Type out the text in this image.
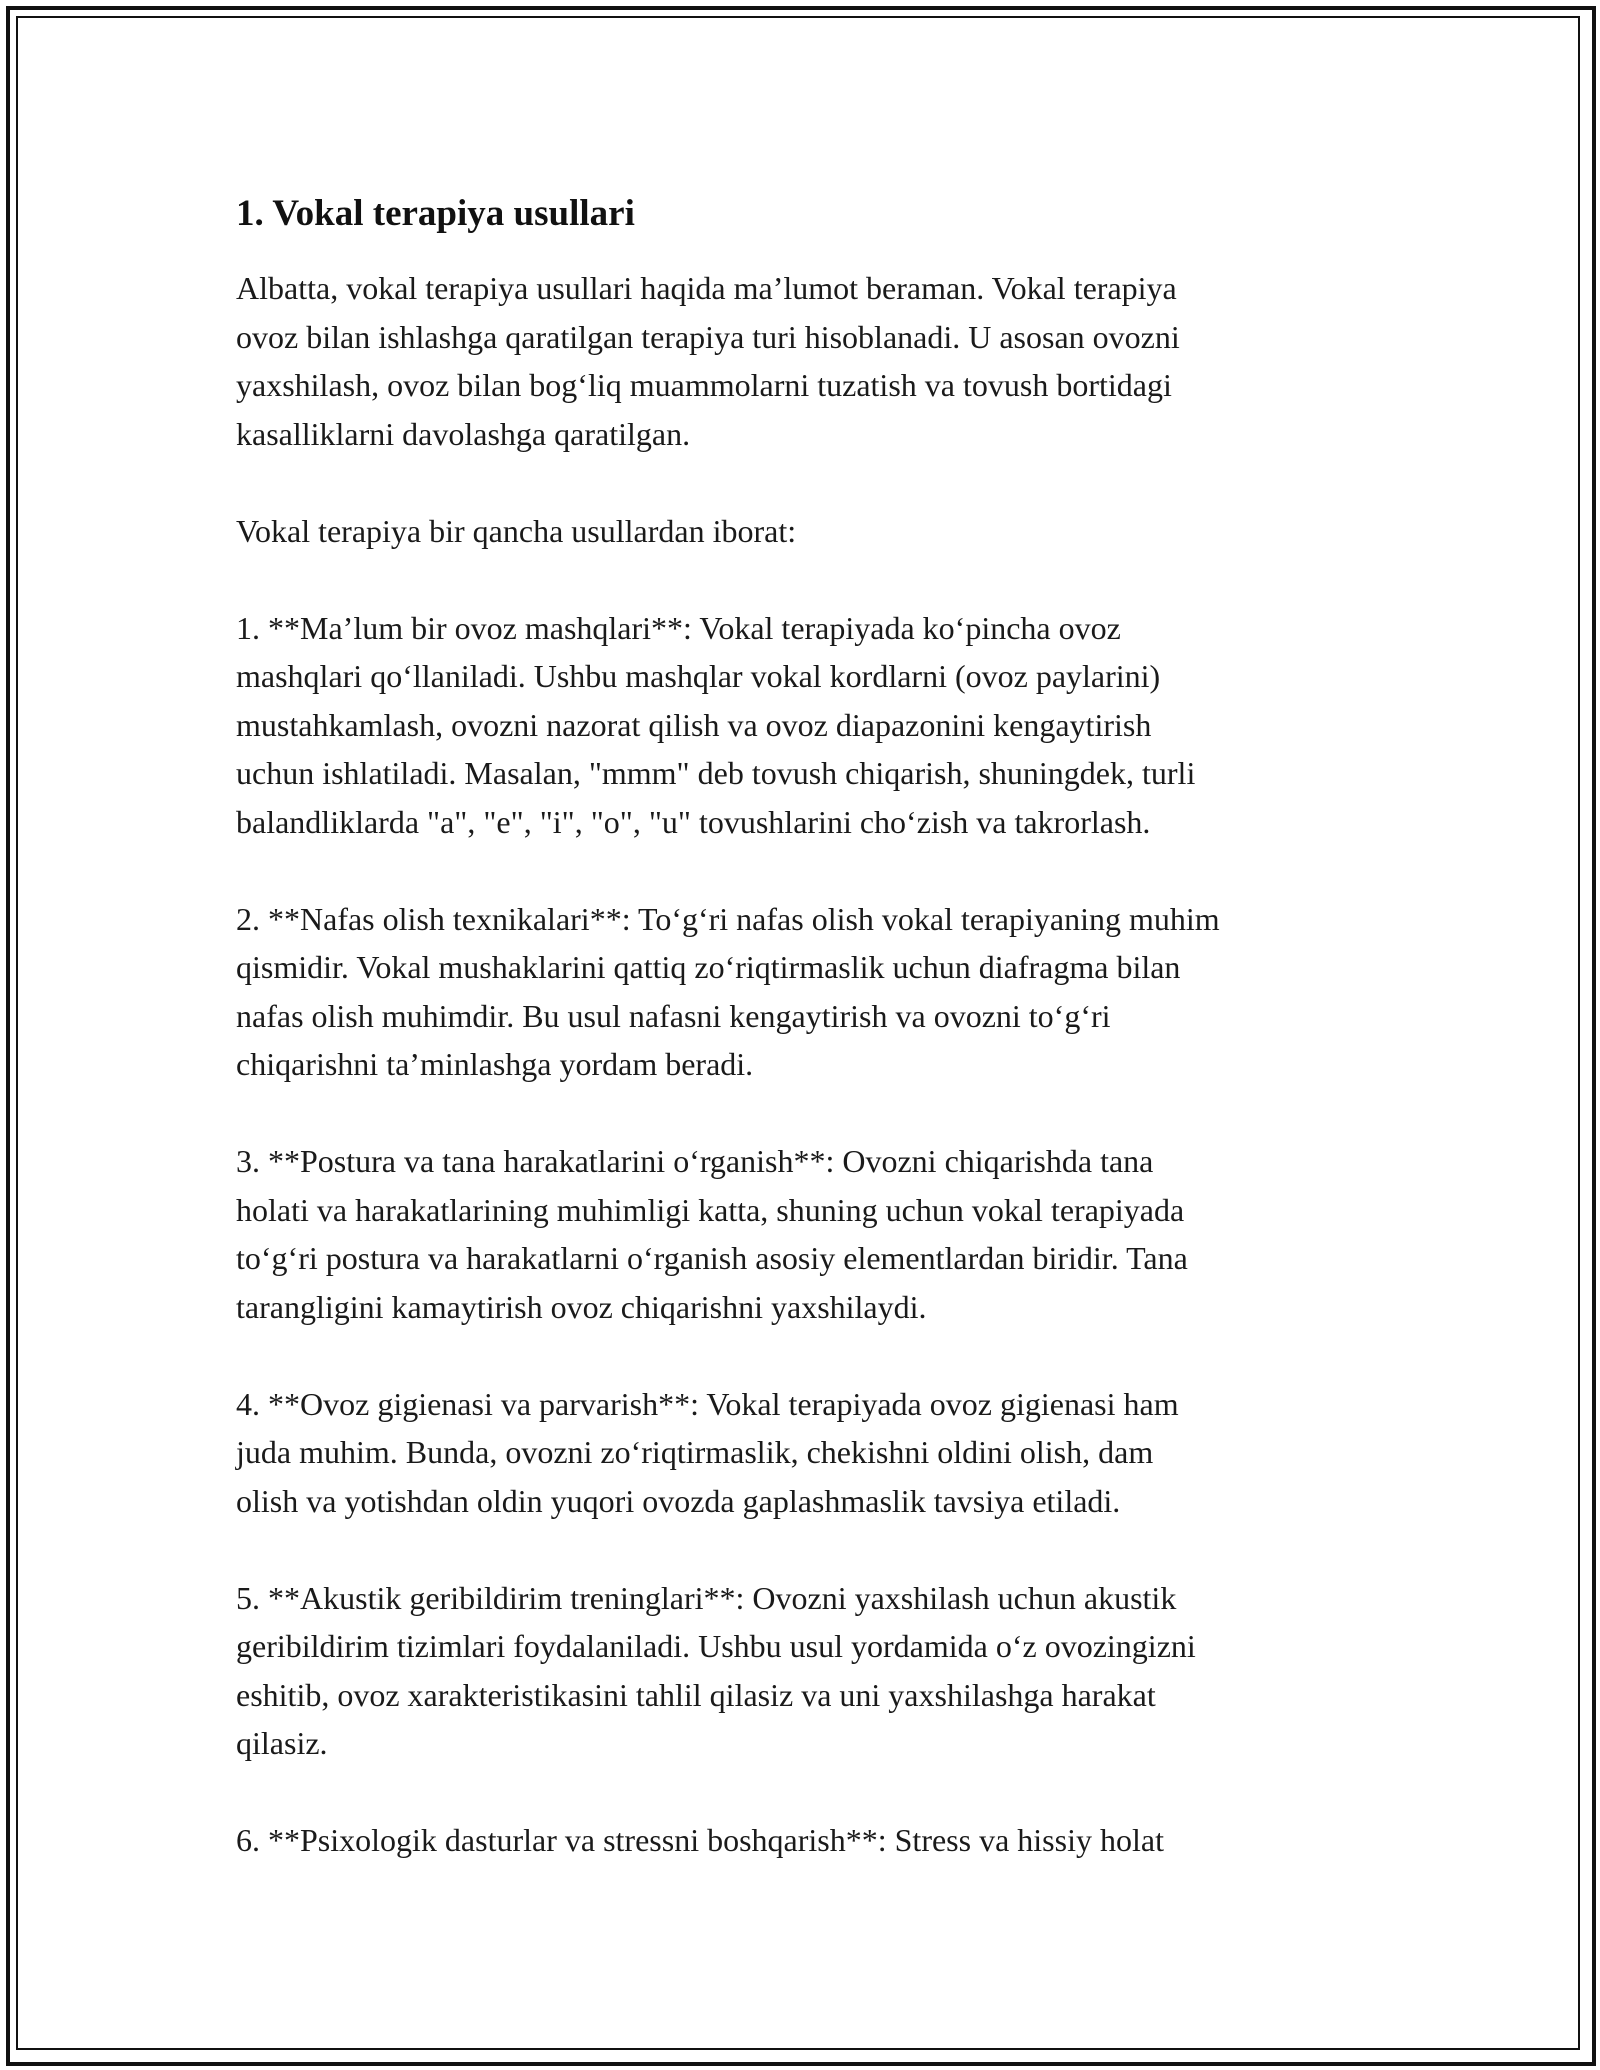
1. Vokal terapiya usullari
Albatta, vokal terapiya usullari haqida ma’lumot beraman. Vokal terapiya
ovoz bilan ishlashga qaratilgan terapiya turi hisoblanadi. U asosan ovozni
yaxshilash, ovoz bilan bog‘liq muammolarni tuzatish va tovush bortidagi
kasalliklarni davolashga qaratilgan.
Vokal terapiya bir qancha usullardan iborat:
1. **Ma’lum bir ovoz mashqlari**: Vokal terapiyada ko‘pincha ovoz
mashqlari qo‘llaniladi. Ushbu mashqlar vokal kordlarni (ovoz paylarini)
mustahkamlash, ovozni nazorat qilish va ovoz diapazonini kengaytirish
uchun ishlatiladi. Masalan, "mmm" deb tovush chiqarish, shuningdek, turli
balandliklarda "a", "e", "i", "o", "u" tovushlarini cho‘zish va takrorlash.
2. **Nafas olish texnikalari**: To‘g‘ri nafas olish vokal terapiyaning muhim
qismidir. Vokal mushaklarini qattiq zo‘riqtirmaslik uchun diafragma bilan
nafas olish muhimdir. Bu usul nafasni kengaytirish va ovozni to‘g‘ri
chiqarishni ta’minlashga yordam beradi.
3. **Postura va tana harakatlarini o‘rganish**: Ovozni chiqarishda tana
holati va harakatlarining muhimligi katta, shuning uchun vokal terapiyada
to‘g‘ri postura va harakatlarni o‘rganish asosiy elementlardan biridir. Tana
tarangligini kamaytirish ovoz chiqarishni yaxshilaydi.
4. **Ovoz gigienasi va parvarish**: Vokal terapiyada ovoz gigienasi ham
juda muhim. Bunda, ovozni zo‘riqtirmaslik, chekishni oldini olish, dam
olish va yotishdan oldin yuqori ovozda gaplashmaslik tavsiya etiladi.
5. **Akustik geribildirim treninglari**: Ovozni yaxshilash uchun akustik
geribildirim tizimlari foydalaniladi. Ushbu usul yordamida o‘z ovozingizni
eshitib, ovoz xarakteristikasini tahlil qilasiz va uni yaxshilashga harakat
qilasiz.
6. **Psixologik dasturlar va stressni boshqarish**: Stress va hissiy holat
